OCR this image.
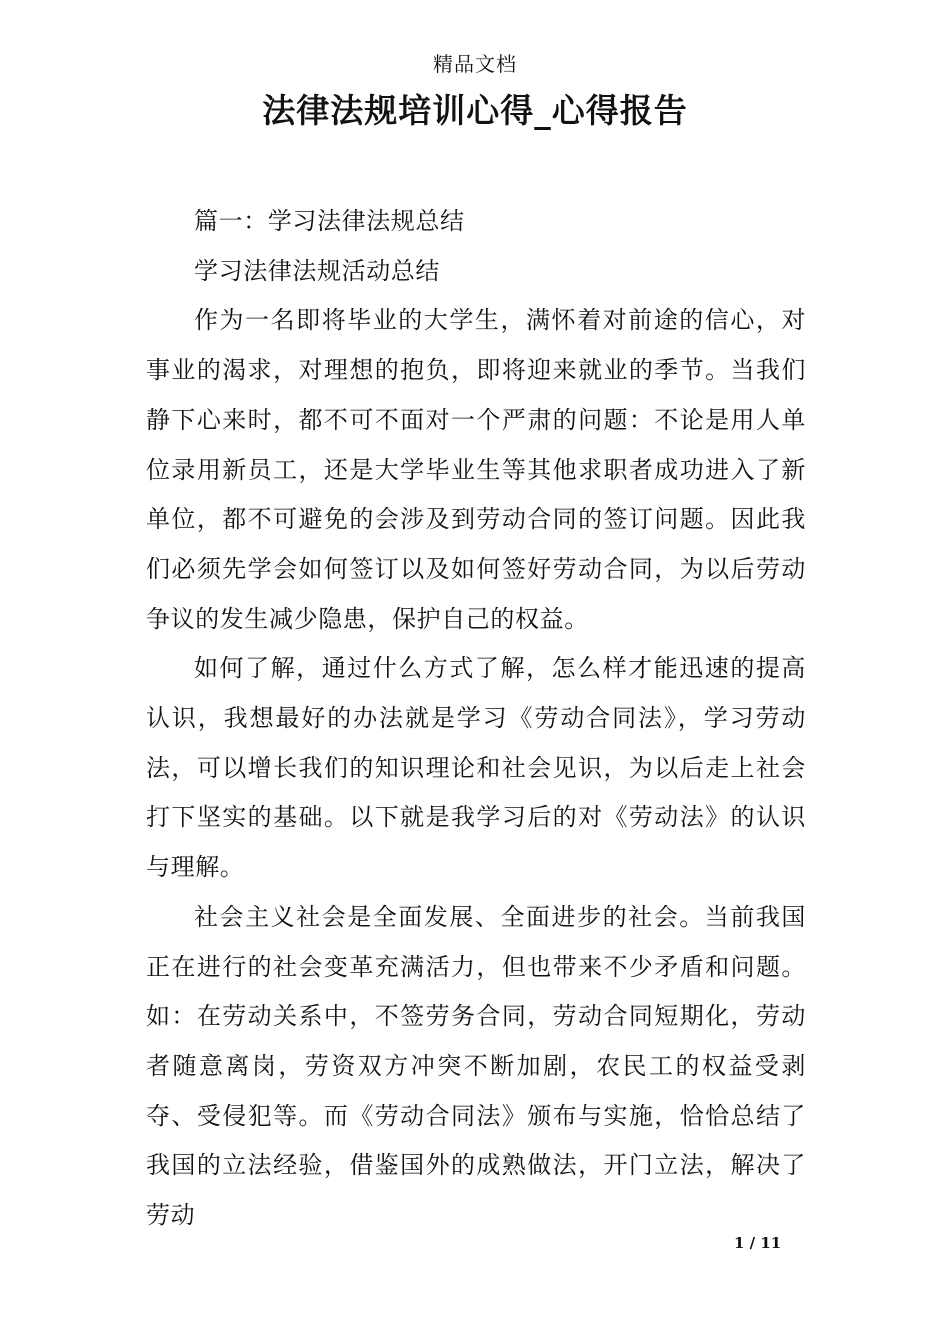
精品文档
法律法规培训心得_心得报告

篇一：学习法律法规总结

学习法律法规活动总结

作为一名即将毕业的大学生，满怀着对前途的信心，对事业的渴求，对理想的抱负，即将迎来就业的季节。当我们静下心来时，都不可不面对一个严肃的问题：不论是用人单位录用新员工，还是大学毕业生等其他求职者成功进入了新单位，都不可避免的会涉及到劳动合同的签订问题。因此我们必须先学会如何签订以及如何签好劳动合同，为以后劳动争议的发生减少隐患，保护自己的权益。

如何了解，通过什么方式了解，怎么样才能迅速的提高认识，我想最好的办法就是学习《劳动合同法》，学习劳动法，可以增长我们的知识理论和社会见识，为以后走上社会打下坚实的基础。以下就是我学习后的对《劳动法》的认识与理解。

社会主义社会是全面发展、全面进步的社会。当前我国正在进行的社会变革充满活力，但也带来不少矛盾和问题。如：在劳动关系中，不签劳务合同，劳动合同短期化，劳动者随意离岗，劳资双方冲突不断加剧，农民工的权益受剥夺、受侵犯等。而《劳动合同法》颁布与实施，恰恰总结了我国的立法经验，借鉴国外的成熟做法，开门立法，解决了劳动

1 / 11
